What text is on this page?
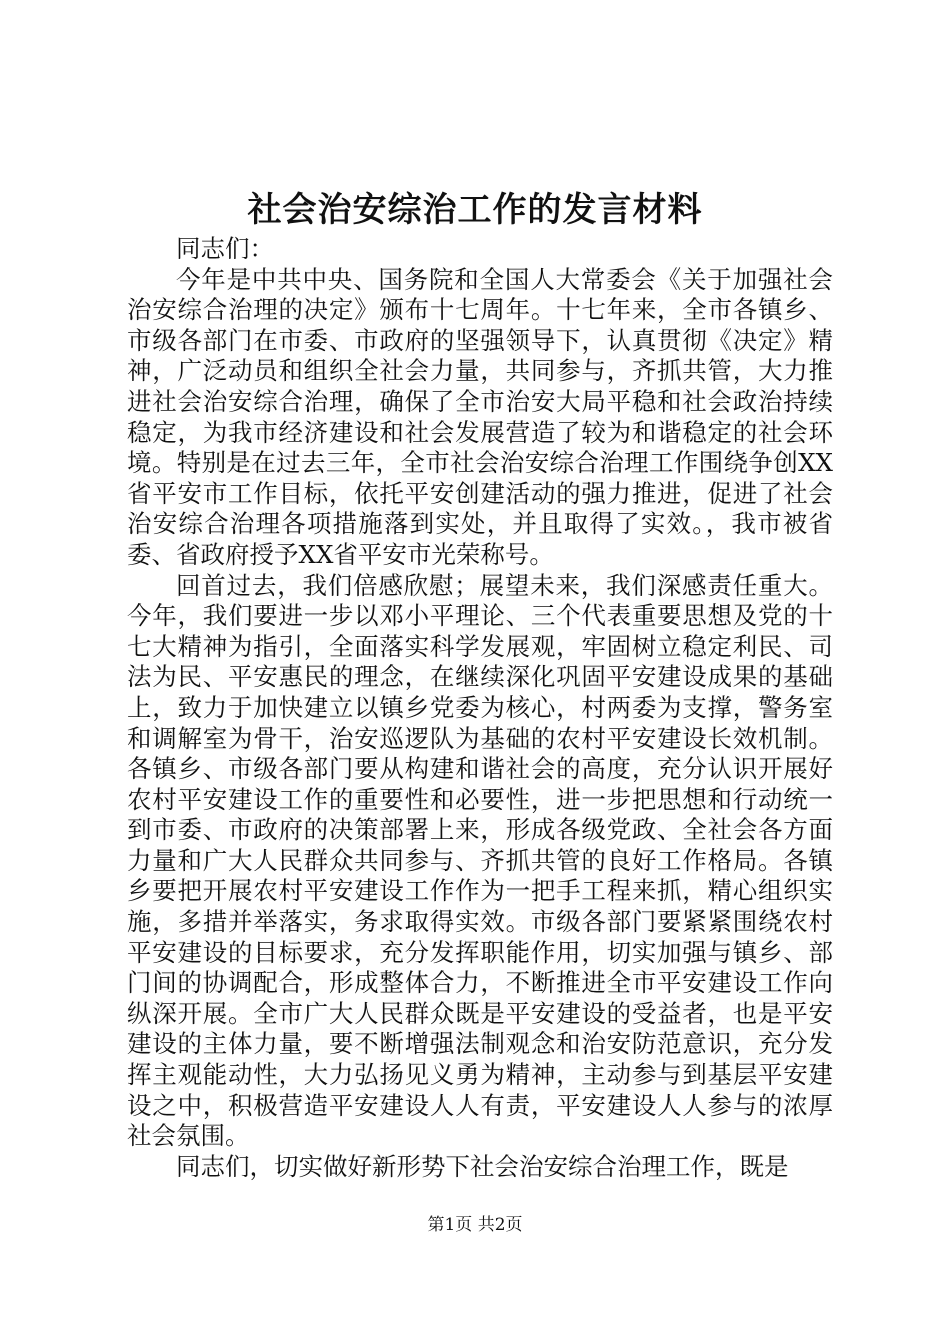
社会治安综治工作的发言材料

同志们：

今年是中共中央、国务院和全国人大常委会《关于加强社会治安综合治理的决定》颁布十七周年。十七年来，全市各镇乡、市级各部门在市委、市政府的坚强领导下，认真贯彻《决定》精神，广泛动员和组织全社会力量，共同参与，齐抓共管，大力推进社会治安综合治理，确保了全市治安大局平稳和社会政治持续稳定，为我市经济建设和社会发展营造了较为和谐稳定的社会环境。特别是在过去三年，全市社会治安综合治理工作围绕争创XX省平安市工作目标，依托平安创建活动的强力推进，促进了社会治安综合治理各项措施落到实处，并且取得了实效。，我市被省委、省政府授予XX省平安市光荣称号。

回首过去，我们倍感欣慰；展望未来，我们深感责任重大。今年，我们要进一步以邓小平理论、三个代表重要思想及党的十七大精神为指引，全面落实科学发展观，牢固树立稳定利民、司法为民、平安惠民的理念，在继续深化巩固平安建设成果的基础上，致力于加快建立以镇乡党委为核心，村两委为支撑，警务室和调解室为骨干，治安巡逻队为基础的农村平安建设长效机制。各镇乡、市级各部门要从构建和谐社会的高度，充分认识开展好农村平安建设工作的重要性和必要性，进一步把思想和行动统一到市委、市政府的决策部署上来，形成各级党政、全社会各方面力量和广大人民群众共同参与、齐抓共管的良好工作格局。各镇乡要把开展农村平安建设工作作为一把手工程来抓，精心组织实施，多措并举落实，务求取得实效。市级各部门要紧紧围绕农村平安建设的目标要求，充分发挥职能作用，切实加强与镇乡、部门间的协调配合，形成整体合力，不断推进全市平安建设工作向纵深开展。全市广大人民群众既是平安建设的受益者，也是平安建设的主体力量，要不断增强法制观念和治安防范意识，充分发挥主观能动性，大力弘扬见义勇为精神，主动参与到基层平安建设之中，积极营造平安建设人人有责，平安建设人人参与的浓厚社会氛围。

同志们，切实做好新形势下社会治安综合治理工作，既是

第1页 共2页
